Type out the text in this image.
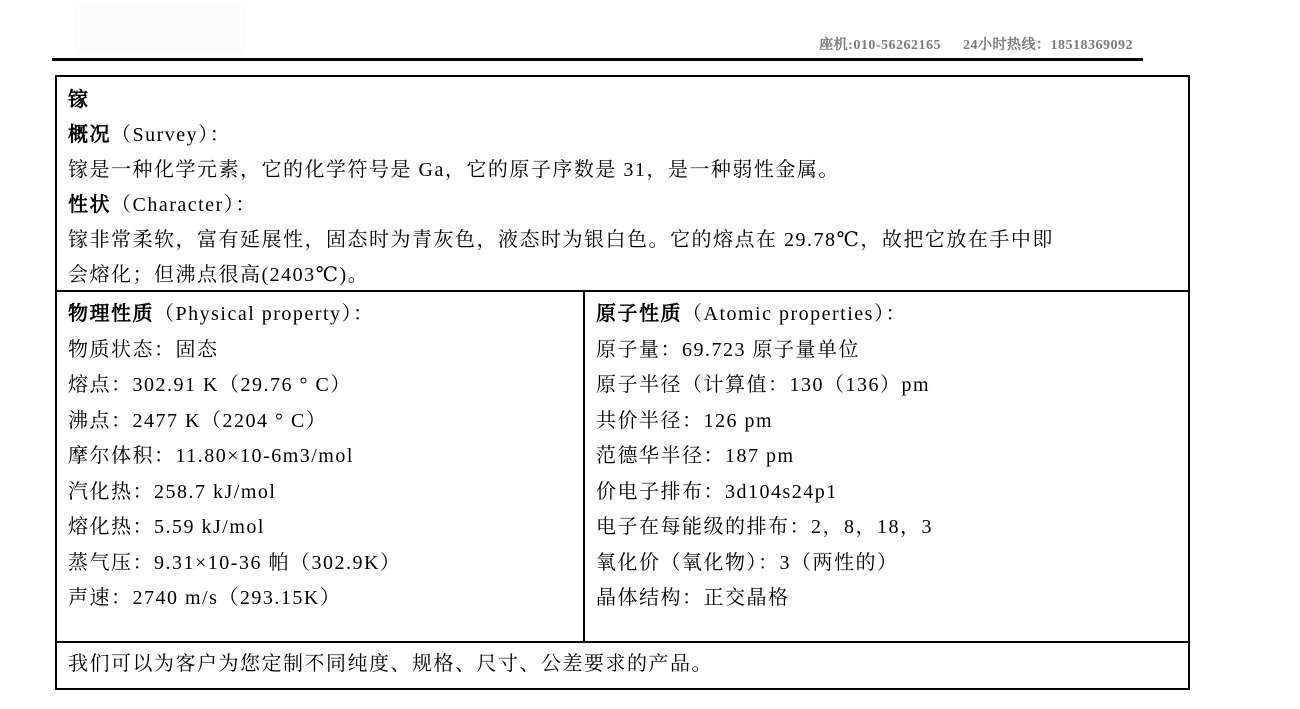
座机:010-56262165 24小时热线：18518369092
镓
概况（Survey）：
镓是一种化学元素，它的化学符号是 Ga，它的原子序数是 31，是一种弱性金属。
性状（Character）：
镓非常柔软，富有延展性，固态时为青灰色，液态时为银白色。它的熔点在 29.78℃，故把它放在手中即
会熔化；但沸点很高(2403℃)。
物理性质（Physical property）：
物质状态：固态
熔点：302.91 K（29.76 ° C）
沸点：2477 K（2204 ° C）
摩尔体积：11.80×10-6m3/mol
汽化热：258.7 kJ/mol
熔化热：5.59 kJ/mol
蒸气压：9.31×10-36 帕（302.9K）
声速：2740 m/s（293.15K）
原子性质（Atomic properties）：
原子量：69.723 原子量单位
原子半径（计算值：130（136）pm
共价半径：126 pm
范德华半径：187 pm
价电子排布：3d104s24p1
电子在每能级的排布：2，8，18，3
氧化价（氧化物）：3（两性的）
晶体结构：正交晶格
我们可以为客户为您定制不同纯度、规格、尺寸、公差要求的产品。
